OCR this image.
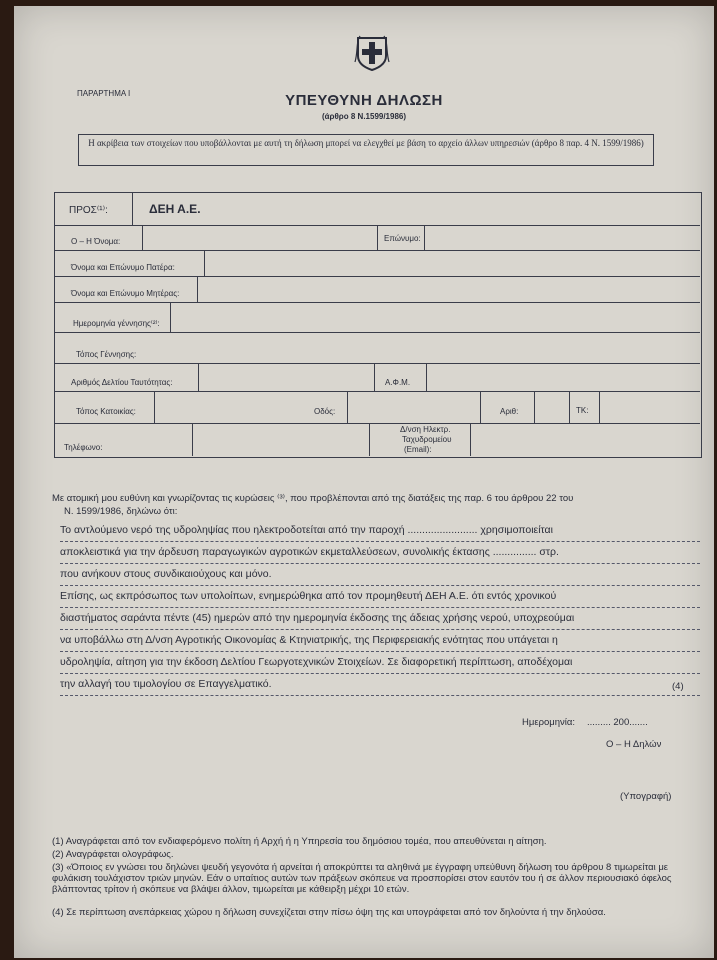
ΠΑΡΑΡΤΗΜΑ Ι	ΥΠΕΥΘΥΝΗ ΔΗΛΩΣΗ
(άρθρο 8 Ν.1599/1986)
Η ακρίβεια των στοιχείων που υποβάλλονται με αυτή τη δήλωση μπορεί να ελεγχθεί με βάση το αρχείο άλλων υπηρεσιών (άρθρο 8 παρ. 4 Ν. 1599/1986)
ΠΡΟΣ⁽¹⁾:	ΔΕΗ Α.Ε.
Ο – Η Όνομα:	Επώνυμο:
Όνομα και Επώνυμο Πατέρα:
Όνομα και Επώνυμο Μητέρας:
Ημερομηνία γέννησης⁽²⁾:
Τόπος Γέννησης:
Αριθμός Δελτίου Ταυτότητας:	Α.Φ.Μ.
Τόπος Κατοικίας:	Οδός:	Αριθ:	ΤΚ:
Τηλέφωνο:
Δ/νση Ηλεκτρ.
Ταχυδρομείου
(Email):
Με ατομική μου ευθύνη και γνωρίζοντας τις κυρώσεις ⁽³⁾, που προβλέπονται από της διατάξεις της παρ. 6 του άρθρου 22 του
Ν. 1599/1986, δηλώνω ότι:
Το αντλούμενο νερό της υδροληψίας που ηλεκτροδοτείται από την παροχή ........................ χρησιμοποιείται
αποκλειστικά για την άρδευση παραγωγικών αγροτικών εκμεταλλεύσεων, συνολικής έκτασης ............... στρ.
που ανήκουν στους συνδικαιούχους και μόνο.
Επίσης, ως εκπρόσωπος των υπολοίπων, ενημερώθηκα από τον προμηθευτή ΔΕΗ Α.Ε. ότι εντός χρονικού
διαστήματος σαράντα πέντε (45) ημερών από την ημερομηνία έκδοσης της άδειας χρήσης νερού, υποχρεούμαι
να υποβάλλω στη Δ/νση Αγροτικής Οικονομίας & Κτηνιατρικής, της Περιφερειακής ενότητας που υπάγεται η
υδροληψία, αίτηση για την έκδοση Δελτίου Γεωργοτεχνικών Στοιχείων. Σε διαφορετική περίπτωση, αποδέχομαι
την αλλαγή του τιμολογίου σε Επαγγελματικό.	(4)
Ημερομηνία: ......... 200.......
Ο – Η Δηλών
(Υπογραφή)
(1) Αναγράφεται από τον ενδιαφερόμενο πολίτη ή Αρχή ή η Υπηρεσία του δημόσιου τομέα, που απευθύνεται η αίτηση.
(2) Αναγράφεται ολογράφως.
(3) «Όποιος εν γνώσει του δηλώνει ψευδή γεγονότα ή αρνείται ή αποκρύπτει τα αληθινά με έγγραφη υπεύθυνη δήλωση του άρθρου 8 τιμωρείται με φυλάκιση τουλάχιστον τριών μηνών. Εάν ο υπαίτιος αυτών των πράξεων σκόπευε να προσπορίσει στον εαυτόν του ή σε άλλον περιουσιακό όφελος βλάπτοντας τρίτον ή σκόπευε να βλάψει άλλον, τιμωρείται με κάθειρξη μέχρι 10 ετών.
(4) Σε περίπτωση ανεπάρκειας χώρου η δήλωση συνεχίζεται στην πίσω όψη της και υπογράφεται από τον δηλούντα ή την δηλούσα.
